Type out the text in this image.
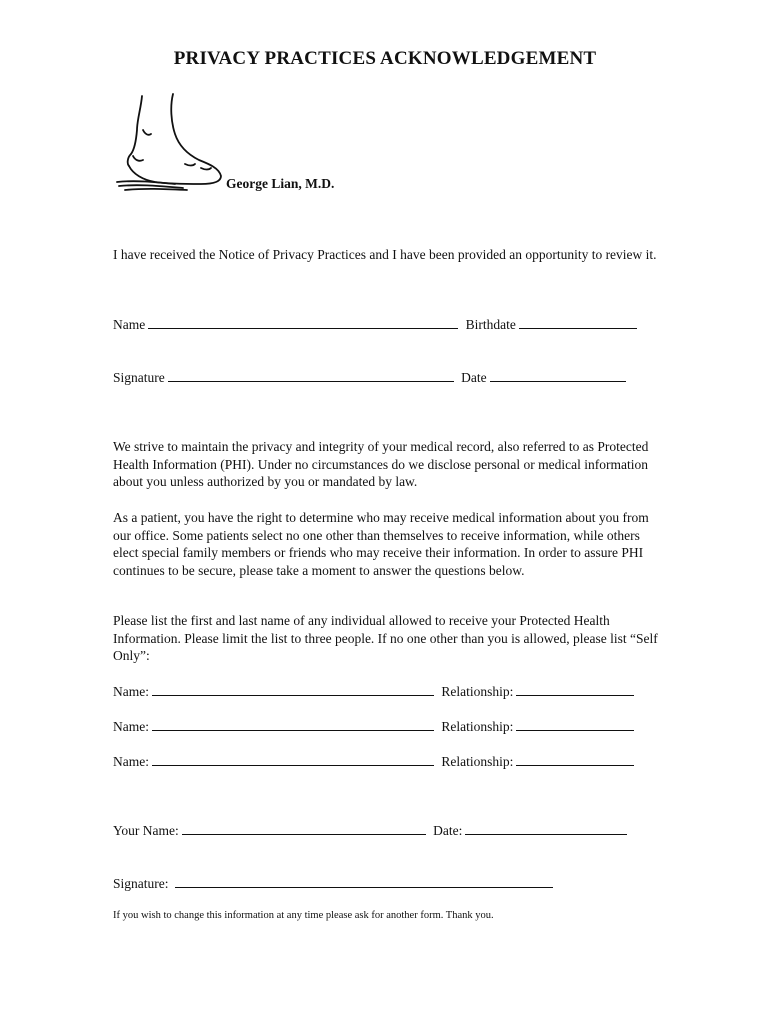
PRIVACY PRACTICES ACKNOWLEDGEMENT
George Lian, M.D.
I have received the Notice of Privacy Practices and I have been provided an opportunity to review it.
Name	Birthdate
Signature	Date
We strive to maintain the privacy and integrity of your medical record, also referred to as Protected Health Information (PHI). Under no circumstances do we disclose personal or medical information about you unless authorized by you or mandated by law.
As a patient, you have the right to determine who may receive medical information about you from our office. Some patients select no one other than themselves to receive information, while others elect special family members or friends who may receive their information. In order to assure PHI continues to be secure, please take a moment to answer the questions below.
Please list the first and last name of any individual allowed to receive your Protected Health Information. Please limit the list to three people. If no one other than you is allowed, please list “Self Only”:
Name:	Relationship:
Name:	Relationship:
Name:	Relationship:
Your Name:	Date:
Signature:
If you wish to change this information at any time please ask for another form. Thank you.
